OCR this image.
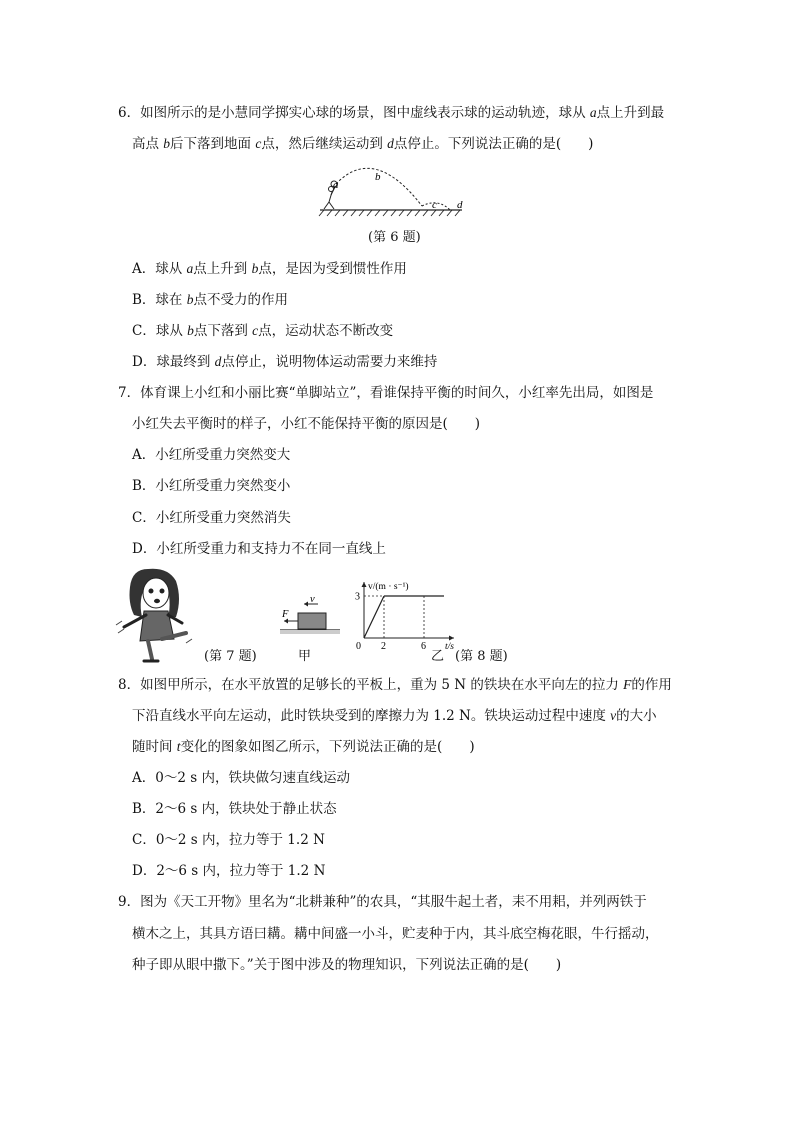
6．如图所示的是小慧同学掷实心球的场景，图中虚线表示球的运动轨迹，球从 a点上升到最
高点 b后下落到地面 c点，然后继续运动到 d点停止。下列说法正确的是(　　)
a
b
c d
(第 6 题)
A．球从 a点上升到 b点，是因为受到惯性作用
B．球在 b点不受力的作用
C．球从 b点下落到 c点，运动状态不断改变
D．球最终到 d点停止，说明物体运动需要力来维持
7．体育课上小红和小丽比赛“单脚站立”，看谁保持平衡的时间久，小红率先出局，如图是
小红失去平衡时的样子，小红不能保持平衡的原因是(　　)
A．小红所受重力突然变大
B．小红所受重力突然变小
C．小红所受重力突然消失
D．小红所受重力和支持力不在同一直线上
(第 7 题)
F
v
甲
v/(m · s⁻¹)
t/s
0 2	6
3
乙 (第 8 题)
8．如图甲所示，在水平放置的足够长的平板上，重为 5 N 的铁块在水平向左的拉力 F的作用
下沿直线水平向左运动，此时铁块受到的摩擦力为 1.2 N。铁块运动过程中速度 v的大小
随时间 t变化的图象如图乙所示，下列说法正确的是(　　)
A．0～2 s 内，铁块做匀速直线运动
B．2～6 s 内，铁块处于静止状态
C．0～2 s 内，拉力等于 1.2 N
D．2～6 s 内，拉力等于 1.2 N
9．图为《天工开物》里名为“北耕兼种”的农具，“其服牛起土者，耒不用耜，并列两铁于
横木之上，其具方语曰耩。耩中间盛一小斗，贮麦种于内，其斗底空梅花眼，牛行摇动，
种子即从眼中撒下。”关于图中涉及的物理知识，下列说法正确的是(　　)
